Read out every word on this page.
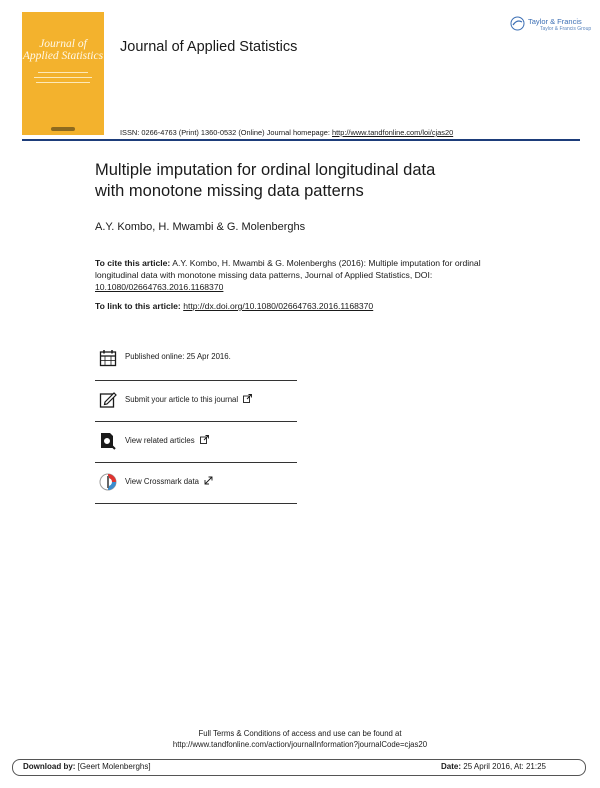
Journal of
Applied Statistics
Journal of Applied Statistics
Taylor & Francis
Taylor & Francis Group
ISSN: 0266-4763 (Print) 1360-0532 (Online) Journal homepage: http://www.tandfonline.com/loi/cjas20
Multiple imputation for ordinal longitudinal data
with monotone missing data patterns
A.Y. Kombo, H. Mwambi & G. Molenberghs
To cite this article: A.Y. Kombo, H. Mwambi & G. Molenberghs (2016): Multiple imputation for ordinal longitudinal data with monotone missing data patterns, Journal of Applied Statistics, DOI: 10.1080/02664763.2016.1168370
To link to this article: http://dx.doi.org/10.1080/02664763.2016.1168370
Published online: 25 Apr 2016.
Submit your article to this journal
View related articles
View Crossmark data
Full Terms & Conditions of access and use can be found at
http://www.tandfonline.com/action/journalInformation?journalCode=cjas20
Download by: [Geert Molenberghs]	Date: 25 April 2016, At: 21:25
